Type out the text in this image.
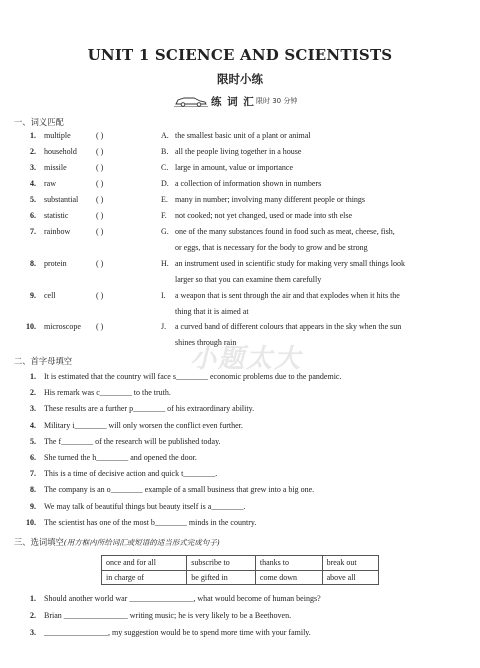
UNIT 1 SCIENCE AND SCIENTISTS
限时小练
练 词 汇 限时 30 分钟
一、词义匹配
1. multiple	( )	A. the smallest basic unit of a plant or animal
2. household ( )	B. all the people living together in a house
3. missile	( )	C. large in amount, value or importance
4. raw	( )	D. a collection of information shown in numbers
5. substantial ( )	E. many in number; involving many different people or things
6. statistic	( )	F. not cooked; not yet changed, used or made into sth else
7. rainbow	( )	G. one of the many substances found in food such as meat, cheese, fish,
or eggs, that is necessary for the body to grow and be strong
8. protein	( )	H. an instrument used in scientific study for making very small things look
larger so that you can examine them carefully
9. cell	( )	I. a weapon that is sent through the air and that explodes when it hits the
thing that it is aimed at
10. microscope ( )	J. a curved band of different colours that appears in the sky when the sun
shines through rain
小题太大
二、首字母填空
1. It is estimated that the country will face s________ economic problems due to the pandemic.
2. His remark was c________ to the truth.
3. These results are a further p________ of his extraordinary ability.
4. Military i________ will only worsen the conflict even further.
5. The f________ of the research will be published today.
6. She turned the h________ and opened the door.
7. This is a time of decisive action and quick t________.
8. The company is an o________ example of a small business that grew into a big one.
9. We may talk of beautiful things but beauty itself is a________.
10. The scientist has one of the most b________ minds in the country.
三、选词填空(用方框内所给词汇或短语的适当形式完成句子)
once and for all	subscribe to	thanks to	break out
in charge of	be gifted in	come down	above all
1. Should another world war ________________, what would become of human beings?
2. Brian ________________ writing music; he is very likely to be a Beethoven.
3. ________________, my suggestion would be to spend more time with your family.
